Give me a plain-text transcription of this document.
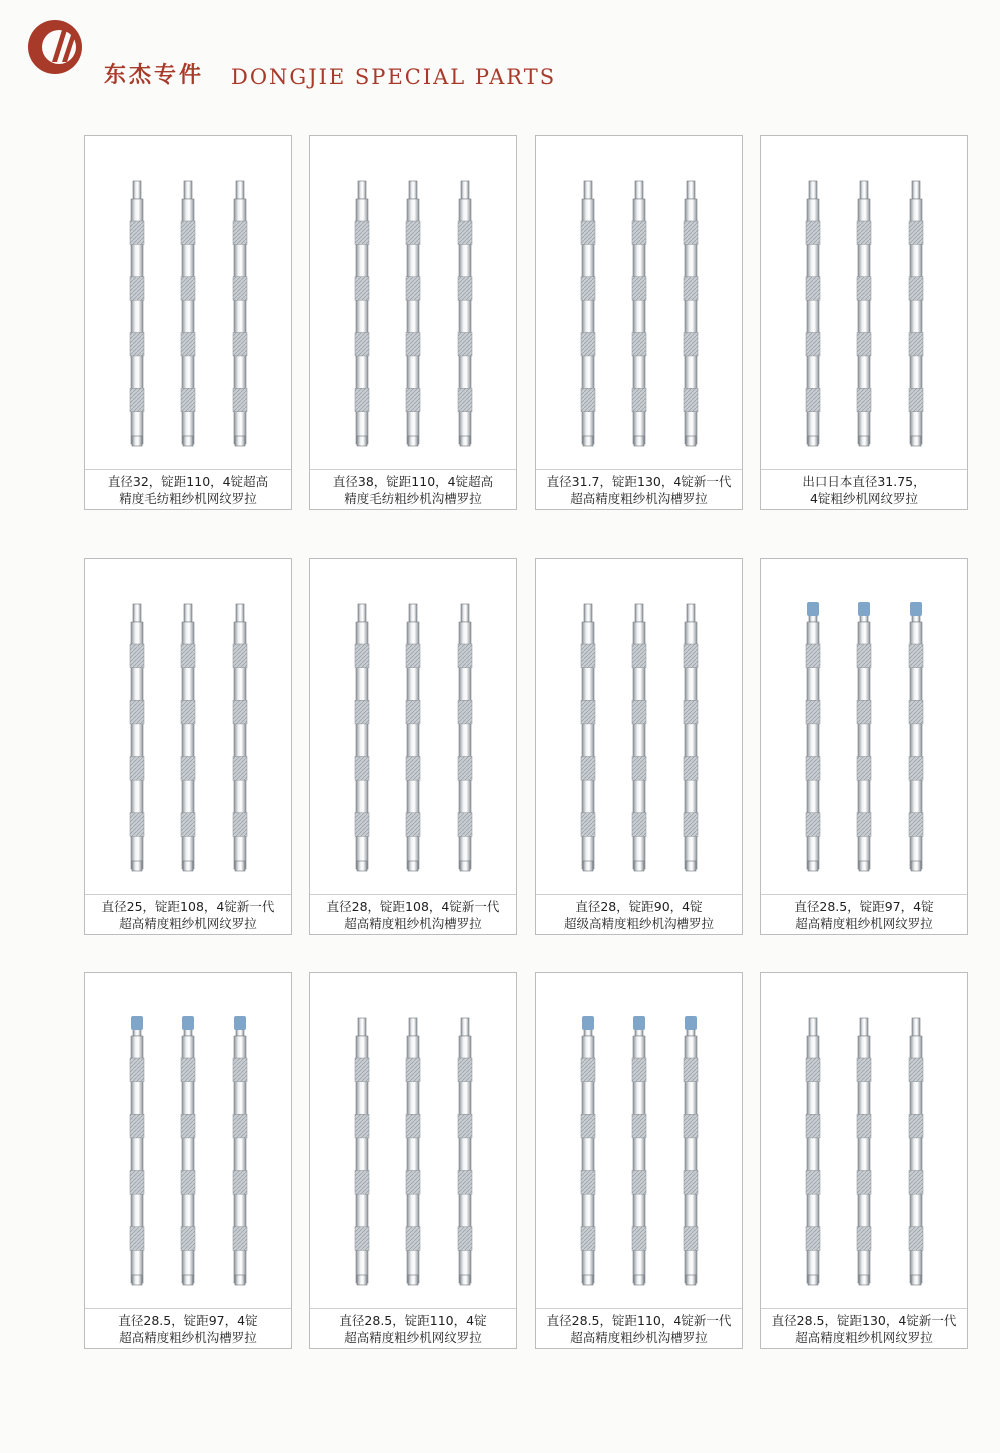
东杰专件 DONGJIE SPECIAL PARTS
直径32，锭距110，4锭超高
精度毛纺粗纱机网纹罗拉
直径38，锭距110，4锭超高
精度毛纺粗纱机沟槽罗拉
直径31.7，锭距130，4锭新一代
超高精度粗纱机沟槽罗拉
出口日本直径31.75，
4锭粗纱机网纹罗拉
直径25，锭距108，4锭新一代
超高精度粗纱机网纹罗拉
直径28，锭距108，4锭新一代
超高精度粗纱机沟槽罗拉
直径28，锭距90，4锭
超级高精度粗纱机沟槽罗拉
直径28.5，锭距97，4锭
超高精度粗纱机网纹罗拉
直径28.5，锭距97，4锭
超高精度粗纱机沟槽罗拉
直径28.5，锭距110，4锭
超高精度粗纱机网纹罗拉
直径28.5，锭距110，4锭新一代
超高精度粗纱机沟槽罗拉
直径28.5，锭距130，4锭新一代
超高精度粗纱机网纹罗拉
